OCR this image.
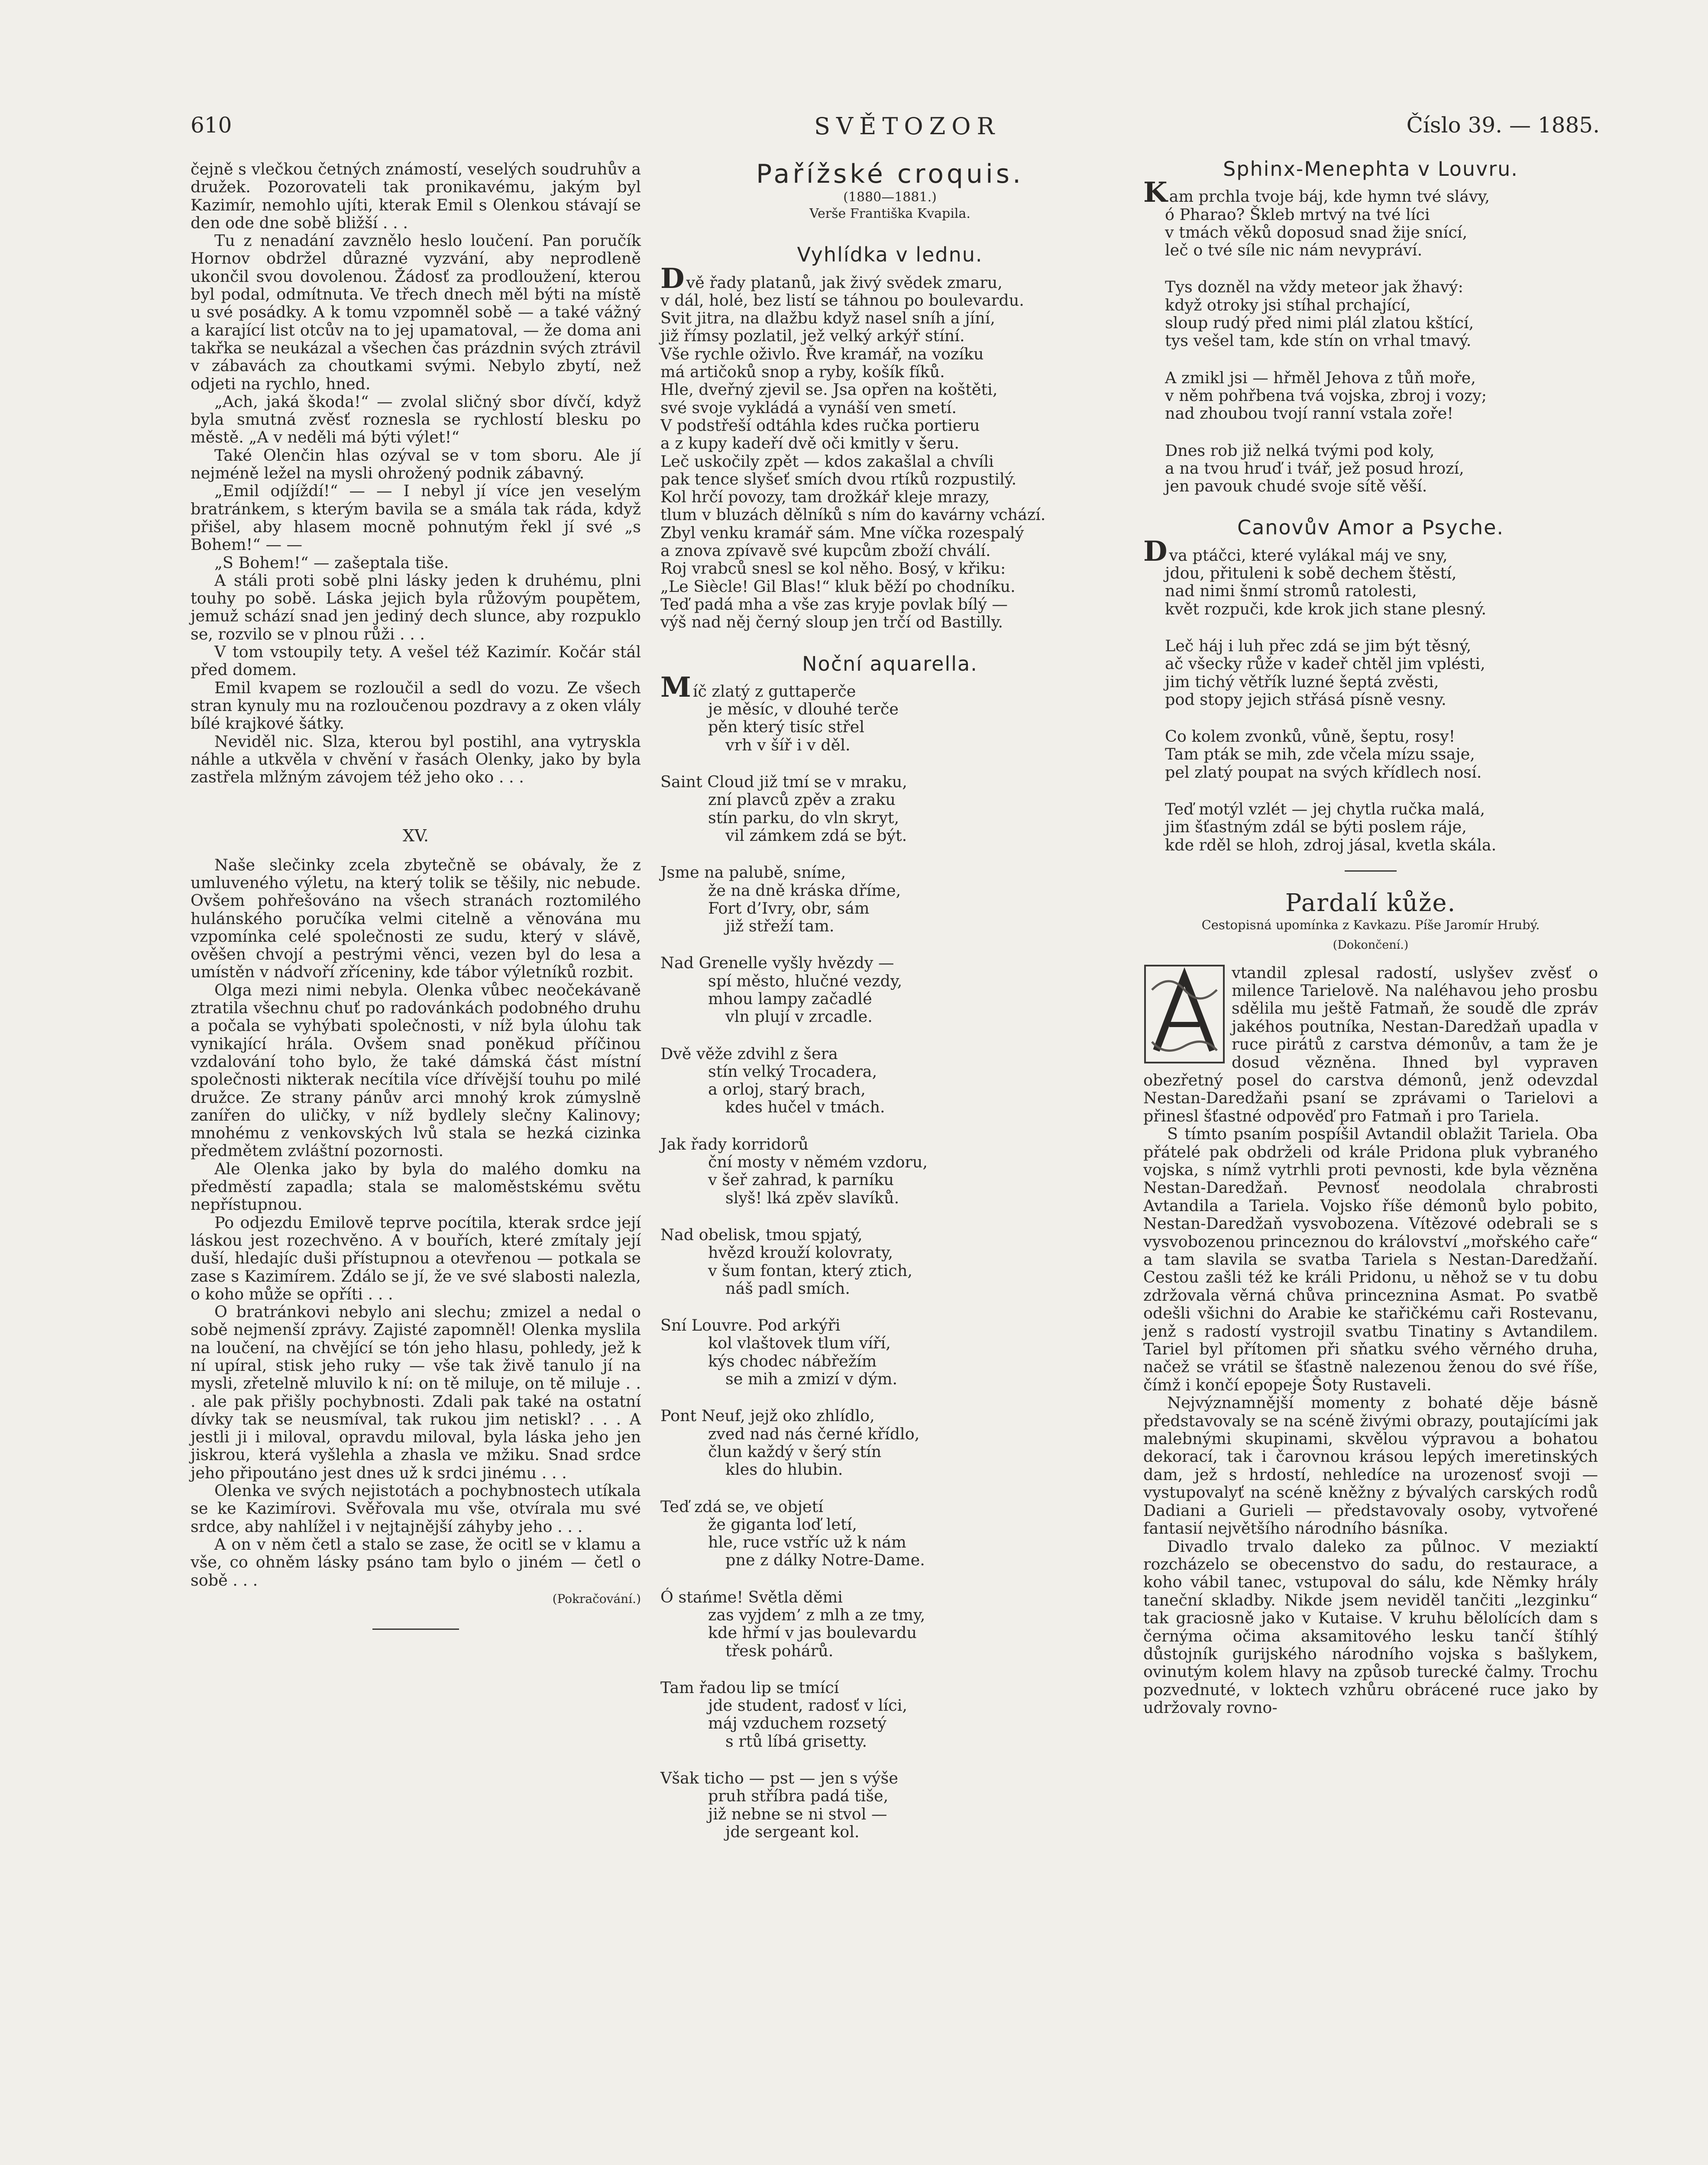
610	SVĚTOZOR	Číslo 39. — 1885.

čejně s vlečkou četných známostí, veselých soudruhův a družek. Pozorovateli tak pronikavému, jakým byl Kazimír, nemohlo ujíti, kterak Emil s Olenkou stávají se den ode dne sobě bližší . . .

Tu z nenadání zavznělo heslo loučení. Pan poručík Hornov obdržel důrazné vyzvání, aby neprodleně ukončil svou dovolenou. Žádosť za prodloužení, kterou byl podal, odmítnuta. Ve třech dnech měl býti na místě u své posádky. A k tomu vzpomněl sobě — a také vážný a karající list otcův na to jej upamatoval, — že doma ani takřka se neukázal a všechen čas prázdnin svých ztrávil v zábavách za choutkami svými. Nebylo zbytí, než odjeti na rychlo, hned.

„Ach, jaká škoda!“ — zvolal sličný sbor dívčí, když byla smutná zvěsť roznesla se rychlostí blesku po městě. „A v neděli má býti výlet!“

Také Olenčin hlas ozýval se v tom sboru. Ale jí nejméně ležel na mysli ohrožený podnik zábavný.

„Emil odjíždí!“ — — I nebyl jí více jen veselým bratránkem, s kterým bavila se a smála tak ráda, když přišel, aby hlasem mocně pohnutým řekl jí své „s Bohem!“ — —

„S Bohem!“ — zašeptala tiše.

A stáli proti sobě plni lásky jeden k druhému, plni touhy po sobě. Láska jejich byla růžovým poupětem, jemuž schází snad jen jediný dech slunce, aby rozpuklo se, rozvilo se v plnou růži . . .

V tom vstoupily tety. A vešel též Kazimír. Kočár stál před domem.

Emil kvapem se rozloučil a sedl do vozu. Ze všech stran kynuly mu na rozloučenou pozdravy a z oken vlály bílé krajkové šátky.

Neviděl nic. Slza, kterou byl postihl, ana vytryskla náhle a utkvěla v chvění v řasách Olenky, jako by byla zastřela mlžným závojem též jeho oko . . .

XV.

Naše slečinky zcela zbytečně se obávaly, že z umluveného výletu, na který tolik se těšily, nic nebude. Ovšem pohřešováno na všech stranách roztomilého hulánského poručíka velmi citelně a věnována mu vzpomínka celé společnosti ze sudu, který v slávě, ověšen chvojí a pestrými věnci, vezen byl do lesa a umístěn v nádvoří zříceniny, kde tábor výletníků rozbit.

Olga mezi nimi nebyla. Olenka vůbec neočekávaně ztratila všechnu chuť po radovánkách podobného druhu a počala se vyhýbati společnosti, v níž byla úlohu tak vynikající hrála. Ovšem snad poněkud příčinou vzdalování toho bylo, že také dámská část místní společnosti nikterak necítila více dřívější touhu po milé družce. Ze strany pánův arci mnohý krok zúmyslně zanířen do uličky, v níž bydlely slečny Kalinovy; mnohému z venkovských lvů stala se hezká cizinka předmětem zvláštní pozornosti.

Ale Olenka jako by byla do malého domku na předměstí zapadla; stala se maloměstskému světu nepřístupnou.

Po odjezdu Emilově teprve pocítila, kterak srdce její láskou jest rozechvěno. A v bouřích, které zmítaly její duší, hledajíc duši přístupnou a otevřenou — potkala se zase s Kazimírem. Zdálo se jí, že ve své slabosti nalezla, o koho může se opříti . . .

O bratránkovi nebylo ani slechu; zmizel a nedal o sobě nejmenší zprávy. Zajisté zapomněl! Olenka myslila na loučení, na chvějící se tón jeho hlasu, pohledy, jež k ní upíral, stisk jeho ruky — vše tak živě tanulo jí na mysli, zřetelně mluvilo k ní: on tě miluje, on tě miluje . . . ale pak přišly pochybnosti. Zdali pak také na ostatní dívky tak se neusmíval, tak rukou jim netiskl? . . . A jestli ji i miloval, opravdu miloval, byla láska jeho jen jiskrou, která vyšlehla a zhasla ve mžiku. Snad srdce jeho připoutáno jest dnes už k srdci jinému . . .

Olenka ve svých nejistotách a pochybnostech utíkala se ke Kazimírovi. Svěřovala mu vše, otvírala mu své srdce, aby nahlížel i v nejtajnější záhyby jeho . . .

A on v něm četl a stalo se zase, že ocitl se v klamu a vše, co ohněm lásky psáno tam bylo o jiném — četl o sobě . . .

(Pokračování.)
Pařížské croquis.

(1880—1881.)

Verše Františka Kvapila.

Vyhlídka v lednu.

Dvě řady platanů, jak živý svědek zmaru,
v dál, holé, bez listí se táhnou po boulevardu.
Svit jitra, na dlažbu když nasel sníh a jíní,
již římsy pozlatil, jež velký arkýř stíní.
Vše rychle oživlo. Řve kramář, na vozíku
má artičoků snop a ryby, košík fíků.
Hle, dveřný zjevil se. Jsa opřen na koštěti,
své svoje vykládá a vynáší ven smetí.
V podstřeší odtáhla kdes ručka portieru
a z kupy kadeří dvě oči kmitly v šeru.
Leč uskočily zpět — kdos zakašlal a chvíli
pak tence slyšeť smích dvou rtíků rozpustilý.
Kol hrčí povozy, tam drožkář kleje mrazy,
tlum v bluzách dělníků s ním do kavárny vchází.
Zbyl venku kramář sám. Mne víčka rozespalý
a znova zpívavě své kupcům zboží chválí.
Roj vrabců snesl se kol něho. Bosý, v křiku:
„Le Siècle! Gil Blas!“ kluk běží po chodníku.
Teď padá mha a vše zas kryje povlak bílý —
výš nad něj černý sloup jen trčí od Bastilly.

Noční aquarella.

Míč zlatý z guttaperče
je měsíc, v dlouhé terče
pěn který tisíc střel
vrh v šíř i v děl.

Saint Cloud již tmí se v mraku,
zní plavců zpěv a zraku
stín parku, do vln skryt,
vil zámkem zdá se být.

Jsme na palubě, sníme,
že na dně kráska dříme,
Fort d’Ivry, obr, sám
již střeží tam.

Nad Grenelle vyšly hvězdy —
spí město, hlučné vezdy,
mhou lampy začadlé
vln plují v zrcadle.

Dvě věže zdvihl z šera
stín velký Trocadera,
a orloj, starý brach,
kdes hučel v tmách.

Jak řady korridorů
ční mosty v němém vzdoru,
v šeř zahrad, k parníku
slyš! lká zpěv slavíků.

Nad obelisk, tmou spjatý,
hvězd krouží kolovraty,
v šum fontan, který ztich,
náš padl smích.

Sní Louvre. Pod arkýři
kol vlaštovek tlum víří,
kýs chodec nábřežím
se mih a zmizí v dým.

Pont Neuf, jejž oko zhlídlo,
zved nad nás černé křídlo,
člun každý v šerý stín
kles do hlubin.

Teď zdá se, ve objetí
že giganta loď letí,
hle, ruce vstříc už k nám
pne z dálky Notre-Dame.

Ó stańme! Světla děmi
zas vyjdem’ z mlh a ze tmy,
kde hřmí v jas boulevardu
třesk pohárů.

Tam řadou lip se tmící
jde student, radosť v líci,
máj vzduchem rozsetý
s rtů líbá grisetty.

Však ticho — pst — jen s výše
pruh stříbra padá tiše,
již nebne se ni stvol —
jde sergeant kol.

Sphinx-Menephta v Louvru.

Kam prchla tvoje báj, kde hymn tvé slávy,
ó Pharao? Škleb mrtvý na tvé líci
v tmách věků doposud snad žije snící,
leč o tvé síle nic nám nevypráví.

Tys dozněl na vždy meteor jak žhavý:
když otroky jsi stíhal prchající,
sloup rudý před nimi plál zlatou kštící,
tys vešel tam, kde stín on vrhal tmavý.

A zmikl jsi — hřměl Jehova z tůň moře,
v něm pohřbena tvá vojska, zbroj i vozy;
nad zhoubou tvojí ranní vstala zoře!

Dnes rob již nelká tvými pod koly,
a na tvou hruď i tvář, jež posud hrozí,
jen pavouk chudé svoje sítě věší.

Canovův Amor a Psyche.

Dva ptáčci, které vylákal máj ve sny,
jdou, přituleni k sobě dechem štěstí,
nad nimi šnmí stromů ratolesti,
květ rozpuči, kde krok jich stane plesný.

Leč háj i luh přec zdá se jim být těsný,
ač všecky růže v kadeř chtěl jim vplésti,
jim tichý větřík luzné šeptá zvěsti,
pod stopy jejich střásá písně vesny.

Co kolem zvonků, vůně, šeptu, rosy!
Tam pták se mih, zde včela mízu ssaje,
pel zlatý poupat na svých křídlech nosí.

Teď motýl vzlét — jej chytla ručka malá,
jim šťastným zdál se býti poslem ráje,
kde rděl se hloh, zdroj jásal, kvetla skála.

Pardalí kůže.

Cestopisná upomínka z Kavkazu. Píše Jaromír Hrubý.

(Dokončení.)

A

vtandil zplesal radostí, uslyšev zvěsť o milence Tarielově. Na naléhavou jeho prosbu sdělila mu ještě Fatmaň, že soudě dle zpráv jakéhos poutníka, Nestan-Daredžaň upadla v ruce pirátů z carstva démonův, a tam že je dosud vězněna. Ihned byl vypraven obezřetný posel do carstva démonů, jenž odevzdal Nestan-Daredžaňi psaní se zprávami o Tarielovi a přinesl šťastné odpověď pro Fatmaň i pro Tariela.

S tímto psaním pospíšil Avtandil oblažit Tariela. Oba přátelé pak obdrželi od krále Pridona pluk vybraného vojska, s nímž vytrhli proti pevnosti, kde byla vězněna Nestan-Daredžaň. Pevnosť neodolala chrabrosti Avtandila a Tariela. Vojsko říše démonů bylo pobito, Nestan-Daredžaň vysvobozena. Vítězové odebrali se s vysvobozenou princeznou do království „mořského caře“ a tam slavila se svatba Tariela s Nestan-Daredžaňí. Cestou zašli též ke králi Pridonu, u něhož se v tu dobu zdržovala věrná chůva princeznina Asmat. Po svatbě odešli všichni do Arabie ke stařičkému caři Rostevanu, jenž s radostí vystrojil svatbu Tinatiny s Avtandilem. Tariel byl přítomen při sňatku svého věrného druha, načež se vrátil se šťastně nalezenou ženou do své říše, čímž i končí epopeje Šoty Rustaveli.

Nejvýznamnější momenty z bohaté děje básně představovaly se na scéně živými obrazy, poutajícími jak malebnými skupinami, skvělou výpravou a bohatou dekorací, tak i čarovnou krásou lepých imeretinských dam, jež s hrdostí, nehledíce na urozenosť svoji — vystupovalyť na scéně kněžny z bývalých carských rodů Dadiani a Gurieli — představovaly osoby, vytvořené fantasií největšího národního básníka.

Divadlo trvalo daleko za půlnoc. V meziaktí rozcházelo se obecenstvo do sadu, do restaurace, a koho vábil tanec, vstupoval do sálu, kde Němky hrály taneční skladby. Nikde jsem neviděl tančiti „lezginku“ tak graciosně jako v Kutaise. V kruhu bělolících dam s černýma očima aksamitového lesku tančí štíhlý důstojník gurijského národního vojska s bašlykem, ovinutým kolem hlavy na způsob turecké čalmy. Trochu pozvednuté, v loktech vzhůru obrácené ruce jako by udržovaly rovno-
